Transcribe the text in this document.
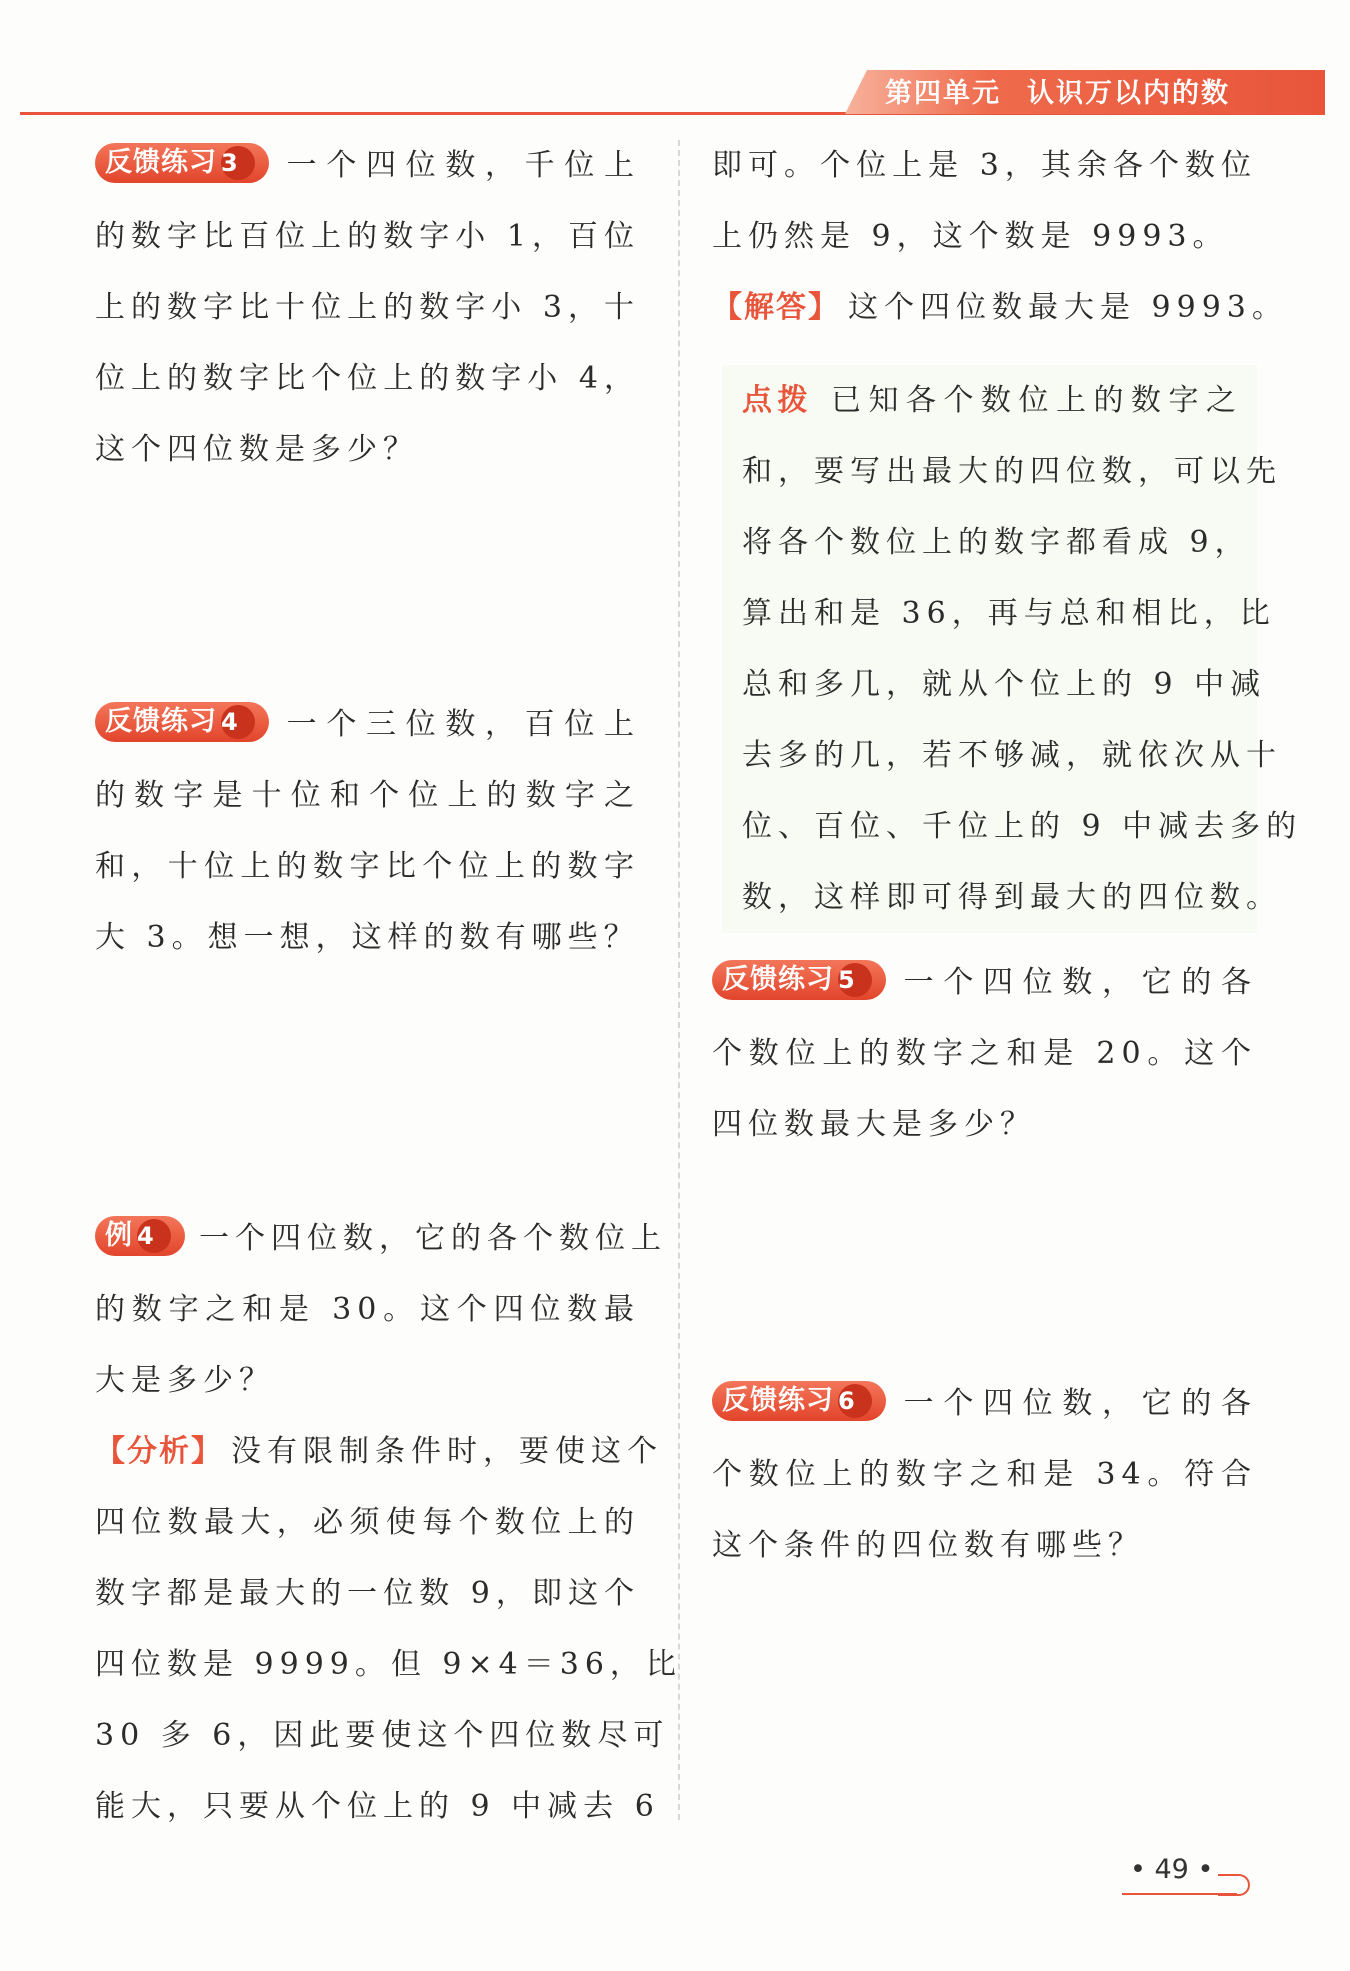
第四单元 认识万以内的数
反馈练习 3 一个四位数，千位上
的数字比百位上的数字小 1，百位
上的数字比十位上的数字小 3，十
位上的数字比个位上的数字小 4，
这个四位数是多少？
反馈练习 4 一个三位数，百位上
的数字是十位和个位上的数字之
和，十位上的数字比个位上的数字
大 3。想一想，这样的数有哪些？
例 4 一个四位数，它的各个数位上
的数字之和是 30。这个四位数最
大是多少？
【分析】 没有限制条件时，要使这个
四位数最大，必须使每个数位上的
数字都是最大的一位数 9，即这个
四位数是 9999。但 9×4＝36，比
30 多 6，因此要使这个四位数尽可
能大，只要从个位上的 9 中减去 6
即可。个位上是 3，其余各个数位
上仍然是 9，这个数是 9993。
【解答】 这个四位数最大是 9993。
点拨 已知各个数位上的数字之
和，要写出最大的四位数，可以先
将各个数位上的数字都看成 9，
算出和是 36，再与总和相比，比
总和多几，就从个位上的 9 中减
去多的几，若不够减，就依次从十
位、百位、千位上的 9 中减去多的
数，这样即可得到最大的四位数。
反馈练习 5 一个四位数，它的各
个数位上的数字之和是 20。这个
四位数最大是多少？
反馈练习 6 一个四位数，它的各
个数位上的数字之和是 34。符合
这个条件的四位数有哪些？
• 49 •
